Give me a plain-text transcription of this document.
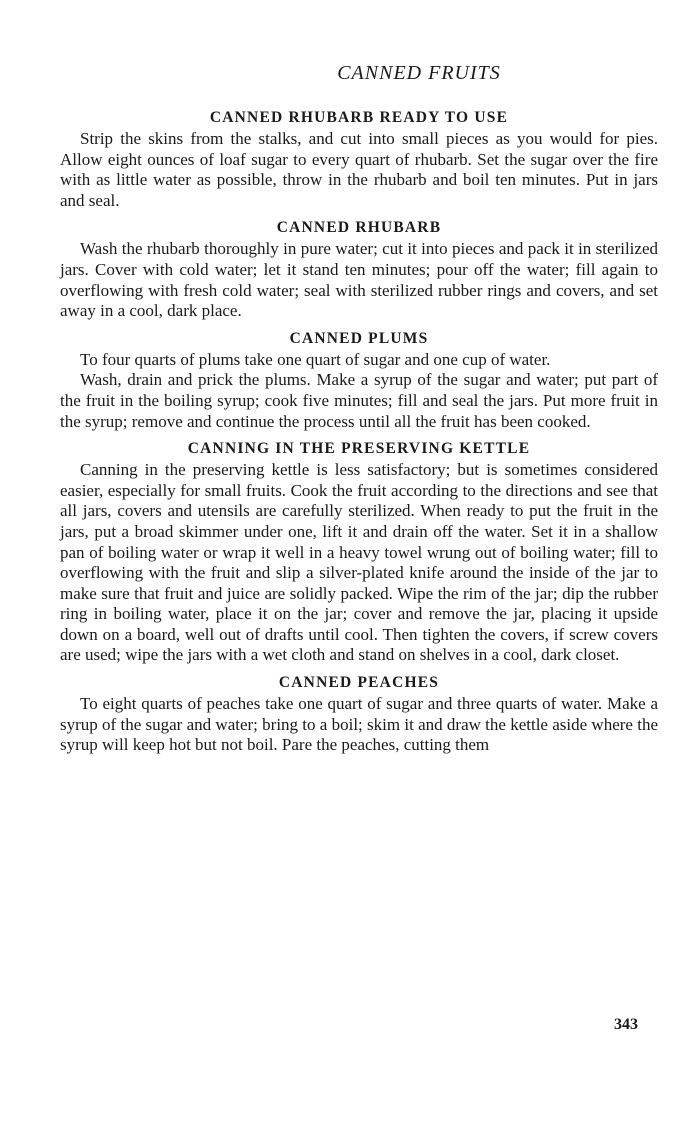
CANNED FRUITS
CANNED RHUBARB READY TO USE

Strip the skins from the stalks, and cut into small pieces as you would for pies. Allow eight ounces of loaf sugar to every quart of rhubarb. Set the sugar over the fire with as little water as possible, throw in the rhubarb and boil ten minutes. Put in jars and seal.

CANNED RHUBARB

Wash the rhubarb thoroughly in pure water; cut it into pieces and pack it in sterilized jars. Cover with cold water; let it stand ten minutes; pour off the water; fill again to overflowing with fresh cold water; seal with sterilized rubber rings and covers, and set away in a cool, dark place.

CANNED PLUMS

To four quarts of plums take one quart of sugar and one cup of water.

Wash, drain and prick the plums. Make a syrup of the sugar and water; put part of the fruit in the boiling syrup; cook five minutes; fill and seal the jars. Put more fruit in the syrup; remove and continue the process until all the fruit has been cooked.

CANNING IN THE PRESERVING KETTLE

Canning in the preserving kettle is less satisfactory; but is sometimes considered easier, especially for small fruits. Cook the fruit according to the directions and see that all jars, covers and utensils are carefully sterilized. When ready to put the fruit in the jars, put a broad skimmer under one, lift it and drain off the water. Set it in a shallow pan of boiling water or wrap it well in a heavy towel wrung out of boiling water; fill to overflowing with the fruit and slip a silver-plated knife around the inside of the jar to make sure that fruit and juice are solidly packed. Wipe the rim of the jar; dip the rubber ring in boiling water, place it on the jar; cover and remove the jar, placing it upside down on a board, well out of drafts until cool. Then tighten the covers, if screw covers are used; wipe the jars with a wet cloth and stand on shelves in a cool, dark closet.

CANNED PEACHES

To eight quarts of peaches take one quart of sugar and three quarts of water. Make a syrup of the sugar and water; bring to a boil; skim it and draw the kettle aside where the syrup will keep hot but not boil. Pare the peaches, cutting them

343
